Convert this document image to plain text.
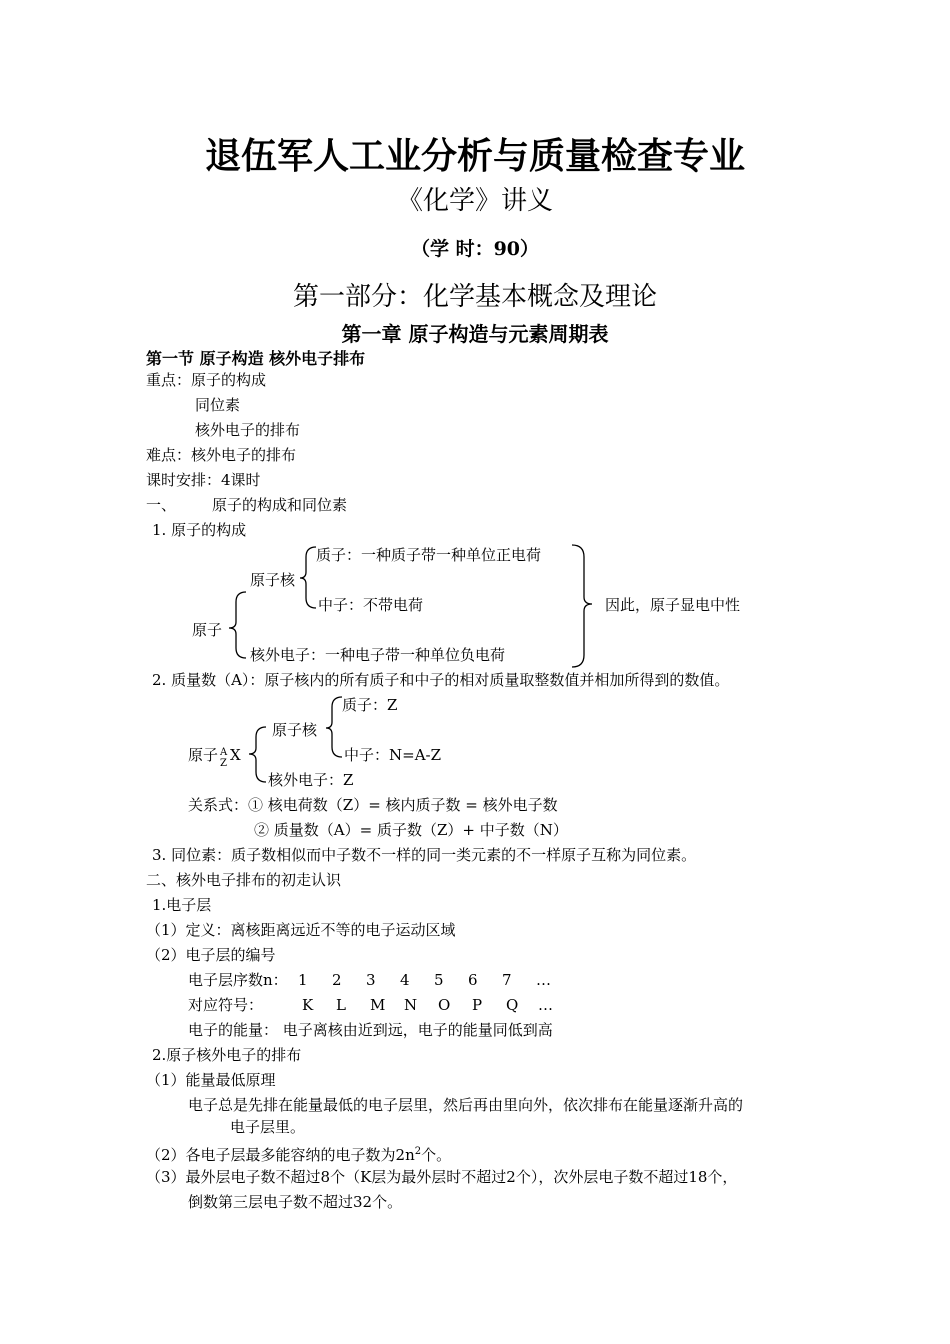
退伍军人工业分析与质量检查专业
《化学》讲义
（学 时：90）
第一部分：化学基本概念及理论
第一章 原子构造与元素周期表
第一节 原子构造 核外电子排布
重点：原子的构成
同位素
核外电子的排布
难点：核外电子的排布
课时安排：4课时
一、 原子的构成和同位素
1. 原子的构成
质子：一种质子带一种单位正电荷
原子核
中子：不带电荷	因此，原子显电中性
原子
核外电子：一种电子带一种单位负电荷
2. 质量数（A）：原子核内的所有质子和中子的相对质量取整数值并相加所得到的数值。
质子：Z
原子核
原子 A
Z X	中子：N=A-Z
核外电子：Z
关系式：① 核电荷数（Z）= 核内质子数 = 核外电子数
② 质量数（A）= 质子数（Z）+ 中子数（N）
3. 同位素：质子数相似而中子数不一样的同一类元素的不一样原子互称为同位素。
二、核外电子排布的初走认识
1.电子层
（1）定义：离核距离远近不等的电子运动区域
（2）电子层的编号
电子层序数n： 1 2 3 4 5 6 7 …
对应符号：	K L M N O P Q …
电子的能量： 电子离核由近到远，电子的能量同低到高
2.原子核外电子的排布
（1）能量最低原理
电子总是先排在能量最低的电子层里，然后再由里向外，依次排布在能量逐渐升高的
电子层里。
（2）各电子层最多能容纳的电子数为$2n^2$个。
（3）最外层电子数不超过8个（K层为最外层时不超过2个），次外层电子数不超过18个，
倒数第三层电子数不超过32个。
